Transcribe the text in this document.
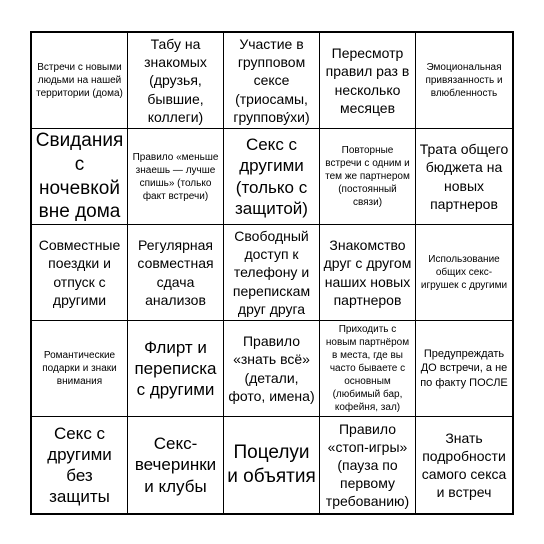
Встречи с новыми людьми на нашей территории (дома)
Табу на знакомых (друзья, бывшие, коллеги)
Участие в групповом сексе (триосамы, группову́хи)
Пересмотр правил раз в несколько месяцев
Эмоциональная привязанность и влюбленность
Свидания с ночевкой вне дома
Правило «меньше знаешь — лучше спишь» (только факт встречи)
Секс с другими (только с защитой)
Повторные встречи с одним и тем же партнером (постоянный связи)
Трата общего бюджета на новых партнеров
Совместные поездки и отпуск с другими
Регулярная совместная сдача анализов
Свободный доступ к телефону и перепискам друг друга
Знакомство друг с другом наших новых партнеров
Использование общих секс-игрушек с другими
Романтические подарки и знаки внимания
Флирт и переписка с другими
Правило «знать всё» (детали, фото, имена)
Приходить с новым партнёром в места, где вы часто бываете с основным (любимый бар, кофейня, зал)
Предупреждать ДО встречи, а не по факту ПОСЛЕ
Секс с другими без защиты
Секс-вечеринки и клубы
Поцелуи и объятия
Правило «стоп-игры» (пауза по первому требованию)
Знать подробности самого секса и встреч
